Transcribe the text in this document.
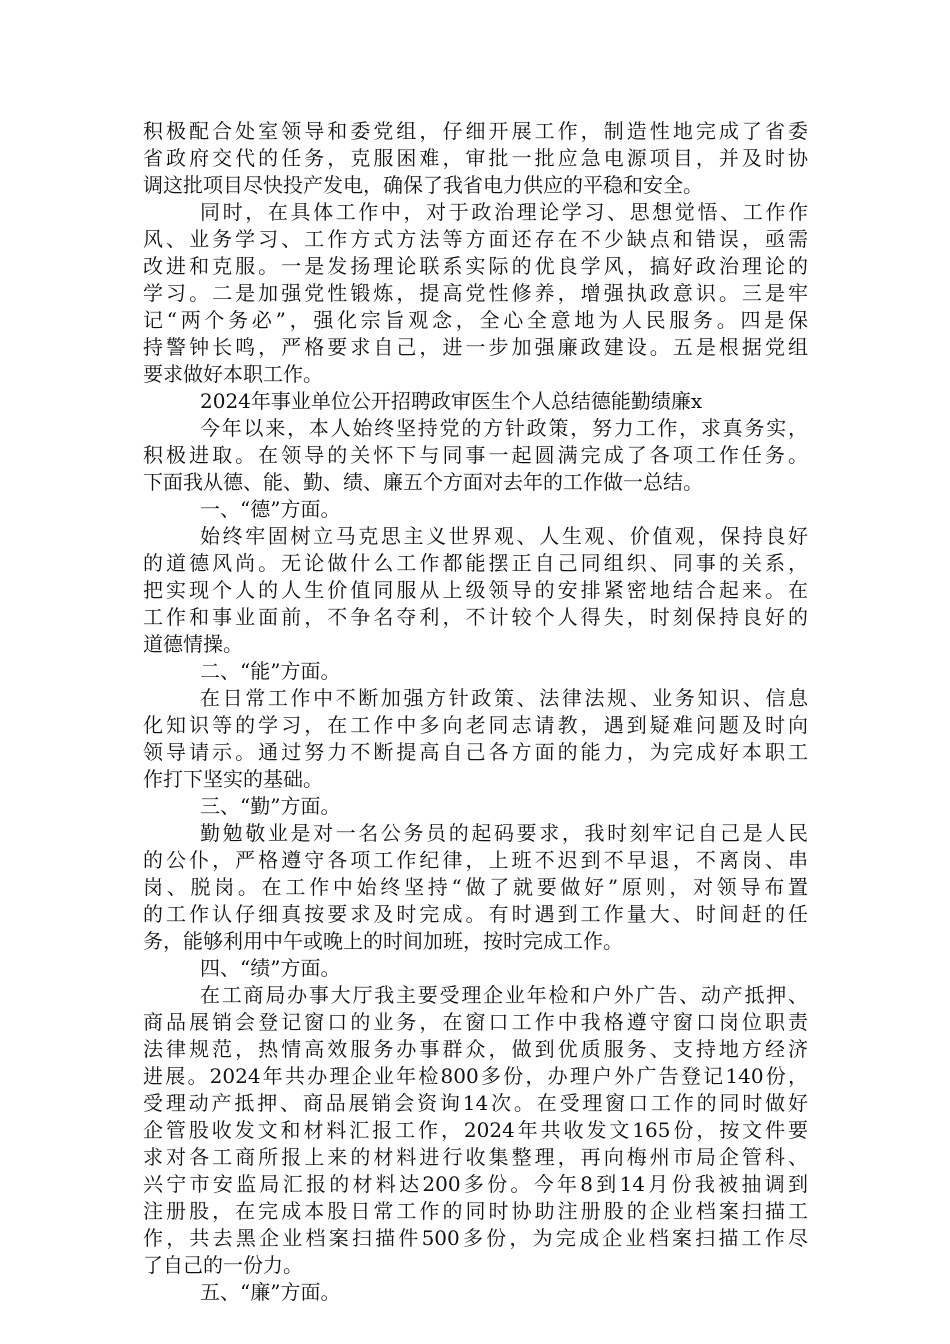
积极配合处室领导和委党组，仔细开展工作，制造性地完成了省委
省政府交代的任务，克服困难，审批一批应急电源项目，并及时协
调这批项目尽快投产发电，确保了我省电力供应的平稳和安全。
同时，在具体工作中，对于政治理论学习、思想觉悟、工作作
风、业务学习、工作方式方法等方面还存在不少缺点和错误，亟需
改进和克服。一是发扬理论联系实际的优良学风，搞好政治理论的
学习。二是加强党性锻炼，提高党性修养，增强执政意识。三是牢
记“两个务必”，强化宗旨观念，全心全意地为人民服务。四是保
持警钟长鸣，严格要求自己，进一步加强廉政建设。五是根据党组
要求做好本职工作。
2024年事业单位公开招聘政审医生个人总结德能勤绩廉x
今年以来，本人始终坚持党的方针政策，努力工作，求真务实，
积极进取。在领导的关怀下与同事一起圆满完成了各项工作任务。
下面我从德、能、勤、绩、廉五个方面对去年的工作做一总结。
一、“德”方面。
始终牢固树立马克思主义世界观、人生观、价值观，保持良好
的道德风尚。无论做什么工作都能摆正自己同组织、同事的关系，
把实现个人的人生价值同服从上级领导的安排紧密地结合起来。在
工作和事业面前，不争名夺利，不计较个人得失，时刻保持良好的
道德情操。
二、“能”方面。
在日常工作中不断加强方针政策、法律法规、业务知识、信息
化知识等的学习，在工作中多向老同志请教，遇到疑难问题及时向
领导请示。通过努力不断提高自己各方面的能力，为完成好本职工
作打下坚实的基础。
三、“勤”方面。
勤勉敬业是对一名公务员的起码要求，我时刻牢记自己是人民
的公仆，严格遵守各项工作纪律，上班不迟到不早退，不离岗、串
岗、脱岗。在工作中始终坚持“做了就要做好”原则，对领导布置
的工作认仔细真按要求及时完成。有时遇到工作量大、时间赶的任
务，能够利用中午或晚上的时间加班，按时完成工作。
四、“绩”方面。
在工商局办事大厅我主要受理企业年检和户外广告、动产抵押、
商品展销会登记窗口的业务，在窗口工作中我格遵守窗口岗位职责
法律规范，热情高效服务办事群众，做到优质服务、支持地方经济
进展。2024年共办理企业年检800多份，办理户外广告登记140份，
受理动产抵押、商品展销会资询14次。在受理窗口工作的同时做好
企管股收发文和材料汇报工作，2024年共收发文165份，按文件要
求对各工商所报上来的材料进行收集整理，再向梅州市局企管科、
兴宁市安监局汇报的材料达200多份。今年8到14月份我被抽调到
注册股，在完成本股日常工作的同时协助注册股的企业档案扫描工
作，共去黑企业档案扫描件500多份，为完成企业档案扫描工作尽
了自己的一份力。
五、“廉”方面。
